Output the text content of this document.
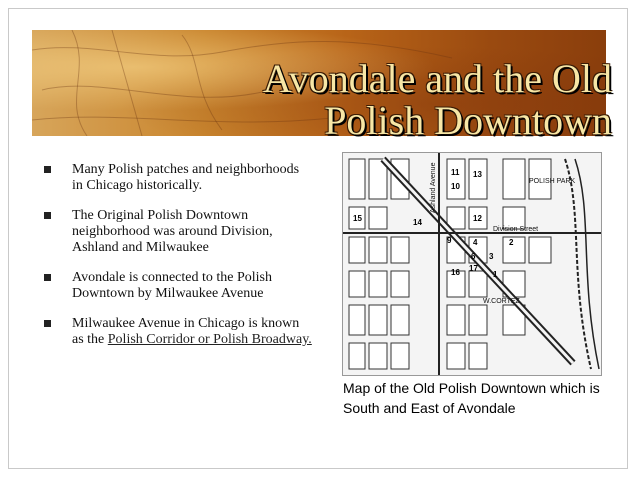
Avondale and the Old
Polish Downtown
Many Polish patches and neighborhoods in Chicago historically.
The Original Polish Downtown neighborhood was around Division, Ashland and Milwaukee
Avondale is connected to the Polish Downtown by Milwaukee Avenue
Milwaukee Avenue in Chicago is known as the Polish Corridor or Polish Broadway.
Division Street
W.CORTEZ
POLISH PARK
Ashland Avenue 11
10
13
12
15	14
9	4	2
6 3
16 17
1
Map of the Old Polish Downtown which is South and East of Avondale
